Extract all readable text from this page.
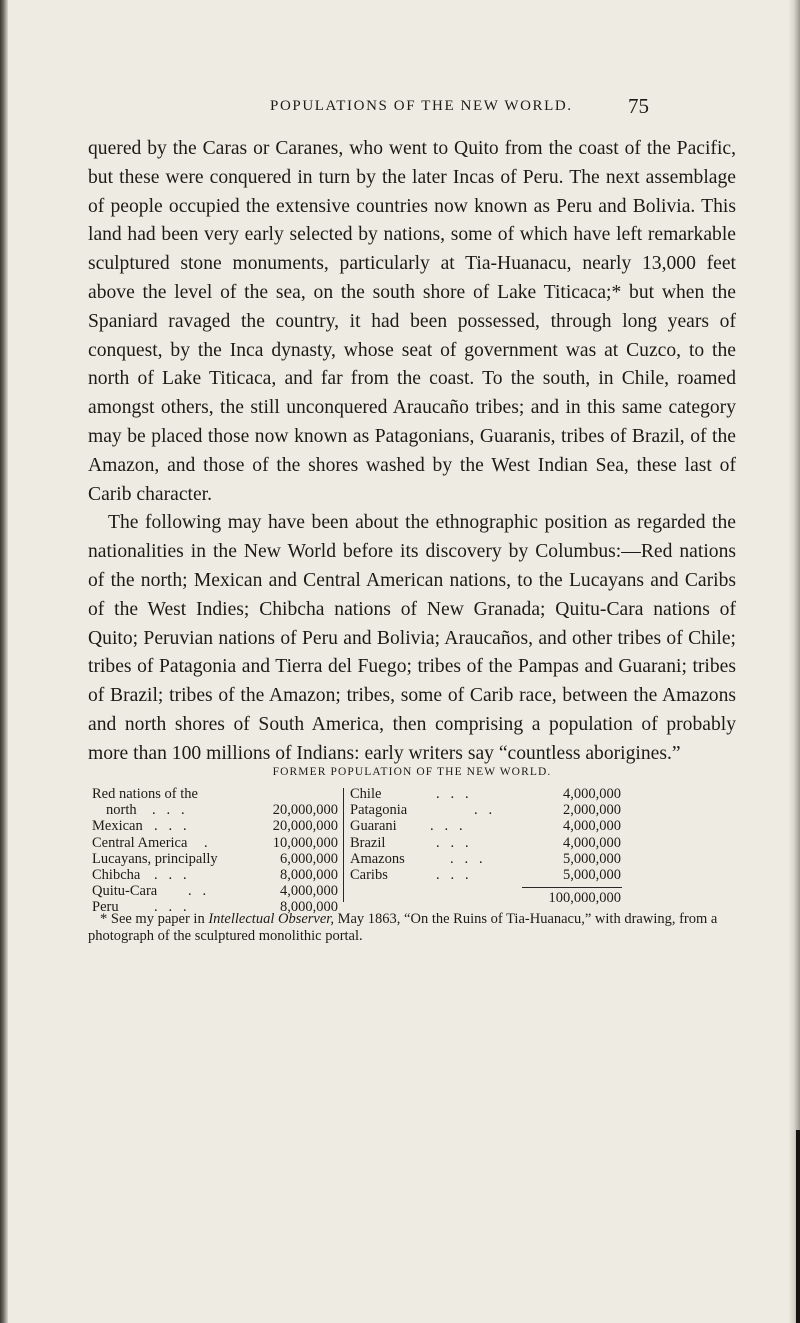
POPULATIONS OF THE NEW WORLD.	75

quered by the Caras or Caranes, who went to Quito from the coast of the Pacific, but these were conquered in turn by the later Incas of Peru. The next assemblage of people occupied the extensive countries now known as Peru and Bolivia. This land had been very early selected by nations, some of which have left remarkable sculptured stone monuments, particularly at Tia-Huanacu, nearly 13,000 feet above the level of the sea, on the south shore of Lake Titicaca;* but when the Spaniard ravaged the country, it had been possessed, through long years of conquest, by the Inca dynasty, whose seat of government was at Cuzco, to the north of Lake Titicaca, and far from the coast. To the south, in Chile, roamed amongst others, the still unconquered Araucaño tribes; and in this same category may be placed those now known as Patagonians, Guaranis, tribes of Brazil, of the Amazon, and those of the shores washed by the West Indian Sea, these last of Carib character.

The following may have been about the ethnographic position as regarded the nationalities in the New World before its discovery by Columbus:—Red nations of the north; Mexican and Central American nations, to the Lucayans and Caribs of the West Indies; Chibcha nations of New Granada; Quitu-Cara nations of Quito; Peruvian nations of Peru and Bolivia; Araucaños, and other tribes of Chile; tribes of Patagonia and Tierra del Fuego; tribes of the Pampas and Guarani; tribes of Brazil; tribes of the Amazon; tribes, some of Carib race, between the Amazons and north shores of South America, then comprising a population of probably more than 100 millions of Indians: early writers say “countless aborigines.”

FORMER POPULATION OF THE NEW WORLD.
Red nations of the
north .   .   .	20,000,000
Mexican .   .   .	20,000,000
Central America .	10,000,000
Lucayans, principally	6,000,000
Chibcha .   .   .	8,000,000
Quitu-Cara .   .	4,000,000
Peru .   .   .	8,000,000
Chile	.   .   .	4,000,000
Patagonia	.   .	2,000,000
Guarani .   .   .	4,000,000
Brazil	.   .   .	4,000,000
Amazons	.   .   .	5,000,000
Caribs	.   .   .	5,000,000
100,000,000
* See my paper in Intellectual Observer, May 1863, “On the Ruins of Tia-Huanacu,” with drawing, from a photograph of the sculptured monolithic portal.
